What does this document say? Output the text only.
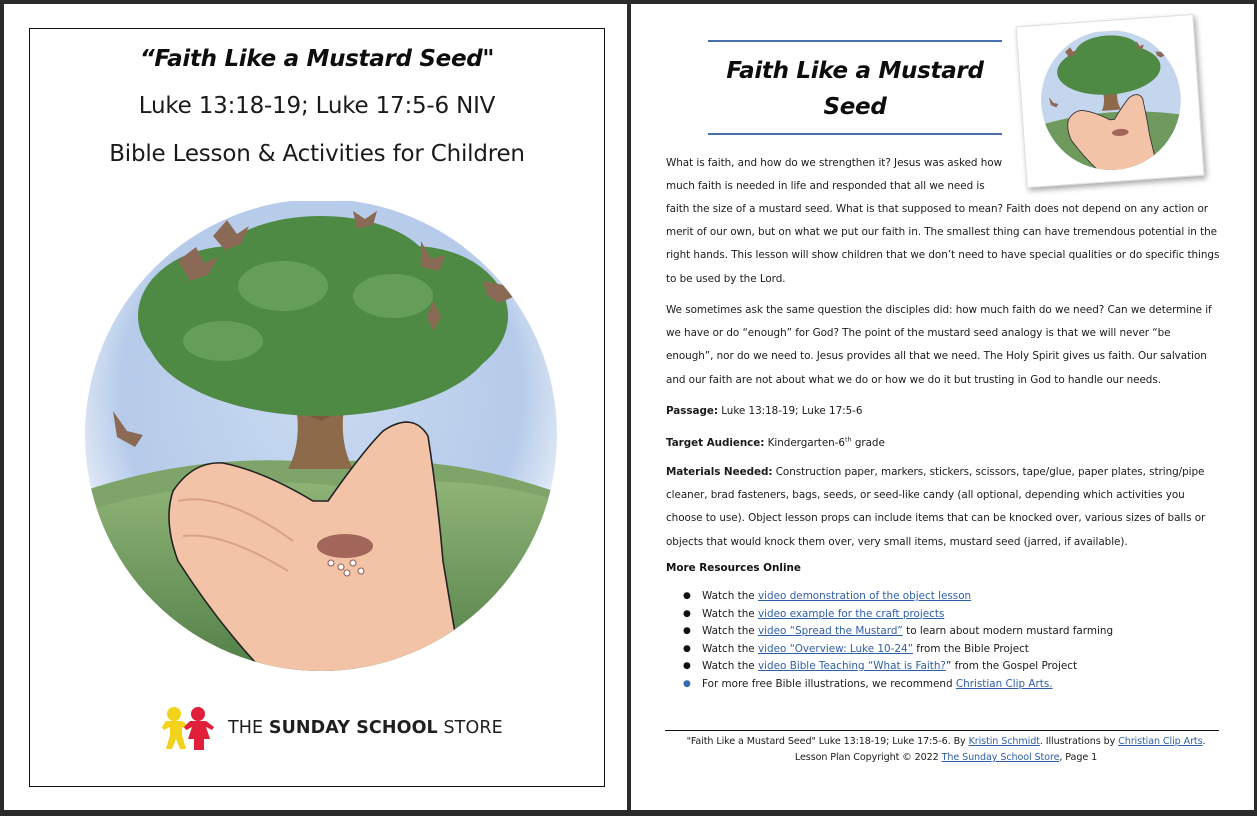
“Faith Like a Mustard Seed"
Luke 13:18-19; Luke 17:5-6 NIV
Bible Lesson & Activities for Children
THE SUNDAY SCHOOL STORE
Faith Like a Mustard Seed
What is faith, and how do we strengthen it? Jesus was asked how much faith is needed in life and responded that all we need is
faith the size of a mustard seed. What is that supposed to mean? Faith does not depend on any action or merit of our own, but on what we put our faith in. The smallest thing can have tremendous potential in the right hands. This lesson will show children that we don’t need to have special qualities or do specific things to be used by the Lord.
We sometimes ask the same question the disciples did: how much faith do we need? Can we determine if we have or do “enough” for God? The point of the mustard seed analogy is that we will never “be enough”, nor do we need to. Jesus provides all that we need. The Holy Spirit gives us faith. Our salvation and our faith are not about what we do or how we do it but trusting in God to handle our needs.
Passage: Luke 13:18-19; Luke 17:5-6
Target Audience: Kindergarten-6th grade
Materials Needed: Construction paper, markers, stickers, scissors, tape/glue, paper plates, string/pipe cleaner, brad fasteners, bags, seeds, or seed-like candy (all optional, depending which activities you choose to use). Object lesson props can include items that can be knocked over, various sizes of balls or objects that would knock them over, very small items, mustard seed (jarred, if available).
More Resources Online
● Watch the video demonstration of the object lesson
● Watch the video example for the craft projects
● Watch the video “Spread the Mustard” to learn about modern mustard farming
● Watch the video “Overview: Luke 10-24” from the Bible Project
● Watch the video Bible Teaching “What is Faith?” from the Gospel Project
● For more free Bible illustrations, we recommend Christian Clip Arts.
"Faith Like a Mustard Seed" Luke 13:18-19; Luke 17:5-6. By Kristin Schmidt. Illustrations by Christian Clip Arts.
Lesson Plan Copyright © 2022 The Sunday School Store, Page 1
